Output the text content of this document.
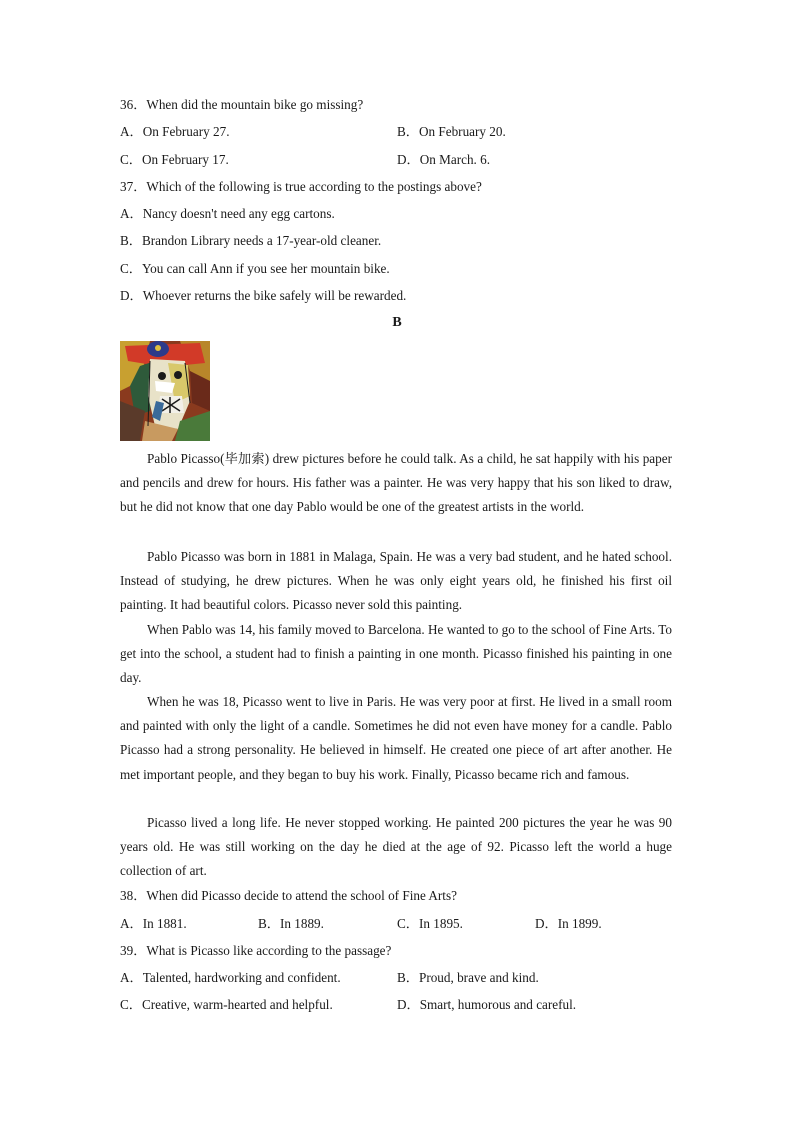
36．When did the mountain bike go missing?
A．On February 27.	B．On February 20.
C．On February 17.	D．On March. 6.
37．Which of the following is true according to the postings above?
A．Nancy doesn't need any egg cartons.
B．Brandon Library needs a 17-year-old cleaner.
C．You can call Ann if you see her mountain bike.
D．Whoever returns the bike safely will be rewarded.
B
Pablo Picasso(毕加索) drew pictures before he could talk. As a child, he sat happily with his paper and pencils and drew for hours. His father was a painter. He was very happy that his son liked to draw, but he did not know that one day Pablo would be one of the greatest artists in the world.
Pablo Picasso was born in 1881 in Malaga, Spain. He was a very bad student, and he hated school. Instead of studying, he drew pictures. When he was only eight years old, he finished his first oil painting. It had beautiful colors. Picasso never sold this painting.
When Pablo was 14, his family moved to Barcelona. He wanted to go to the school of Fine Arts. To get into the school, a student had to finish a painting in one month. Picasso finished his painting in one day.
When he was 18, Picasso went to live in Paris. He was very poor at first. He lived in a small room and painted with only the light of a candle. Sometimes he did not even have money for a candle. Pablo Picasso had a strong personality. He believed in himself. He created one piece of art after another. He met important people, and they began to buy his work. Finally, Picasso became rich and famous.
Picasso lived a long life. He never stopped working. He painted 200 pictures the year he was 90 years old. He was still working on the day he died at the age of 92. Picasso left the world a huge collection of art.
38．When did Picasso decide to attend the school of Fine Arts?
A．In 1881.	B．In 1889.	C．In 1895.	D．In 1899.
39．What is Picasso like according to the passage?
A．Talented, hardworking and confident.	B．Proud, brave and kind.
C．Creative, warm-hearted and helpful.	D．Smart, humorous and careful.
